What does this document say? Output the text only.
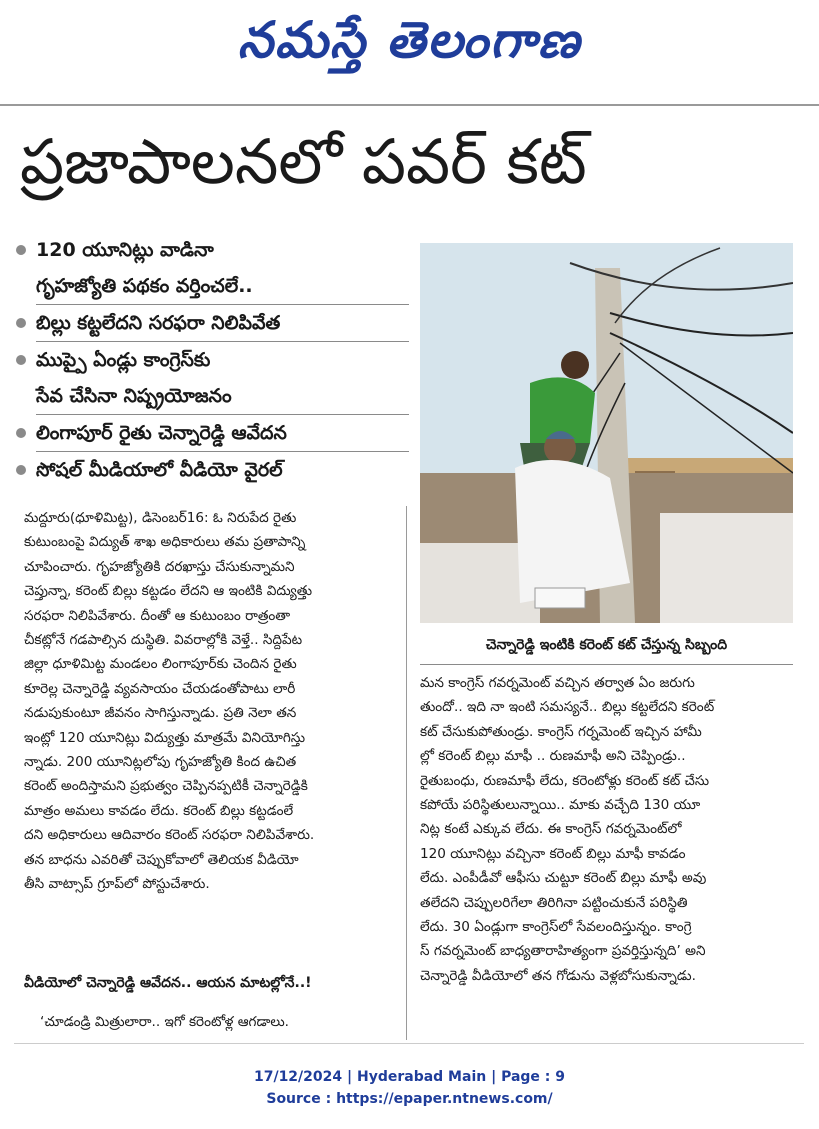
నమస్తే తెలంగాణ
ప్రజాపాలనలో పవర్ కట్
120 యూనిట్లు వాడినా
గృహజ్యోతి పథకం వర్తించలే..
బిల్లు కట్టలేదని సరఫరా నిలిపివేత
ముప్పై ఏండ్లు కాంగ్రెస్‌కు
సేవ చేసినా నిష్ప్రయోజనం
లింగాపూర్ రైతు చెన్నారెడ్డి ఆవేదన
సోషల్ మీడియాలో వీడియో వైరల్
చెన్నారెడ్డి ఇంటికి కరెంట్ కట్ చేస్తున్న సిబ్బంది
మద్దూరు(ధూళిమిట్ట), డిసెంబర్16: ఓ నిరుపేద రైతు
కుటుంబంపై విద్యుత్ శాఖ అధికారులు తమ ప్రతాపాన్ని
చూపించారు. గృహజ్యోతికి దరఖాస్తు చేసుకున్నామని
చెప్తున్నా, కరెంట్ బిల్లు కట్టడం లేదని ఆ ఇంటికి విద్యుత్తు
సరఫరా నిలిపివేశారు. దీంతో ఆ కుటుంబం రాత్రంతా
చీకట్లోనే గడపాల్సిన దుస్థితి. వివరాల్లోకి వెళ్తే.. సిద్దిపేట
జిల్లా ధూళిమిట్ట మండలం లింగాపూర్‌కు చెందిన రైతు
కూరెల్ల చెన్నారెడ్డి వ్యవసాయం చేయడంతోపాటు లారీ
నడుపుకుంటూ జీవనం సాగిస్తున్నాడు. ప్రతి నెలా తన
ఇంట్లో 120 యూనిట్లు విద్యుత్తు మాత్రమే వినియోగిస్తు
న్నాడు. 200 యూనిట్లలోపు గృహజ్యోతి కింద ఉచిత
కరెంట్ అందిస్తామని ప్రభుత్వం చెప్పినప్పటికీ చెన్నారెడ్డికి
మాత్రం అమలు కావడం లేదు. కరెంట్ బిల్లు కట్టడంలే
దని అధికారులు ఆదివారం కరెంట్ సరఫరా నిలిపివేశారు.
తన బాధను ఎవరితో చెప్పుకోవాలో తెలియక వీడియో
తీసి వాట్సాప్ గ్రూప్‌లో పోస్టుచేశారు.
వీడియోలో చెన్నారెడ్డి ఆవేదన.. ఆయన మాటల్లోనే..!
‘చూడండ్రి మిత్రులారా.. ఇగో కరెంటోళ్ల ఆగడాలు.
మన కాంగ్రెస్ గవర్నమెంట్ వచ్చిన తర్వాత ఏం జరుగు
తుందో.. ఇది నా ఇంటి సమస్యనే.. బిల్లు కట్టలేదని కరెంట్
కట్ చేసుకుపోతుండ్రు. కాంగ్రెస్ గర్నమెంట్ ఇచ్చిన హామీ
ల్లో కరెంట్ బిల్లు మాఫీ .. రుణమాఫీ అని చెప్పిండ్రు..
రైతుబంధు, రుణమాఫీ లేదు, కరెంటోళ్లు కరెంట్ కట్ చేసు
కపోయే పరిస్థితులున్నాయి.. మాకు వచ్చేది 130 యూ
నిట్ల కంటే ఎక్కువ లేదు. ఈ కాంగ్రెస్ గవర్నమెంట్‌లో
120 యూనిట్లు వచ్చినా కరెంట్ బిల్లు మాఫీ కావడం
లేదు. ఎంపీడీవో ఆఫీసు చుట్టూ కరెంట్ బిల్లు మాఫీ అవు
తలేదని చెప్పులరిగేలా తిరిగినా పట్టించుకునే పరిస్థితి
లేదు. 30 ఏండ్లుగా కాంగ్రెస్‌లో సేవలందిస్తున్నం. కాంగ్రె
స్ గవర్నమెంట్ బాధ్యతారాహిత్యంగా ప్రవర్తిస్తున్నది’ అని
చెన్నారెడ్డి వీడియోలో తన గోడును వెళ్లబోసుకున్నాడు.
17/12/2024 | Hyderabad Main | Page : 9
Source : https://epaper.ntnews.com/
